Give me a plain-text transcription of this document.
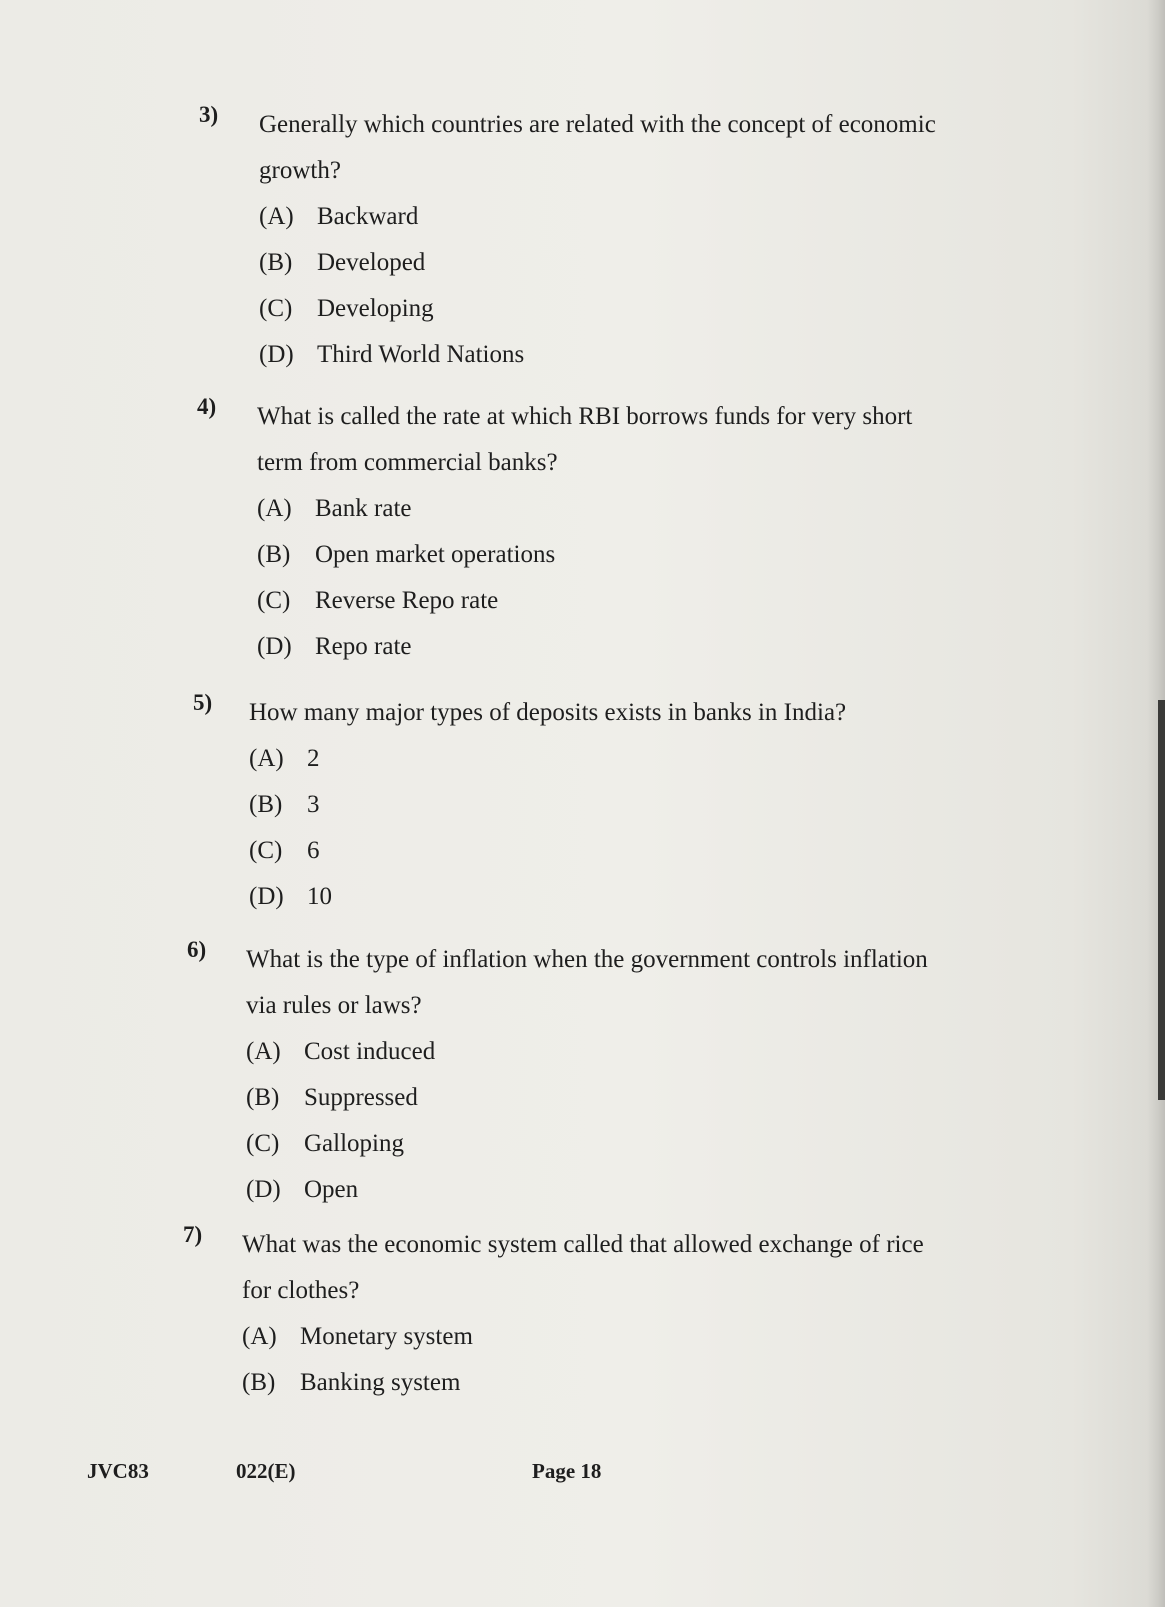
3) Generally which countries are related with the concept of economic growth?
(A) Backward
(B) Developed
(C) Developing
(D) Third World Nations
4) What is called the rate at which RBI borrows funds for very short term from commercial banks?
(A) Bank rate
(B) Open market operations
(C) Reverse Repo rate
(D) Repo rate
5) How many major types of deposits exists in banks in India?
(A) 2
(B) 3
(C) 6
(D) 10
6) What is the type of inflation when the government controls inflation via rules or laws?
(A) Cost induced
(B) Suppressed
(C) Galloping
(D) Open
7) What was the economic system called that allowed exchange of rice for clothes?
(A) Monetary system
(B) Banking system
JVC83	022(E)	Page 18
